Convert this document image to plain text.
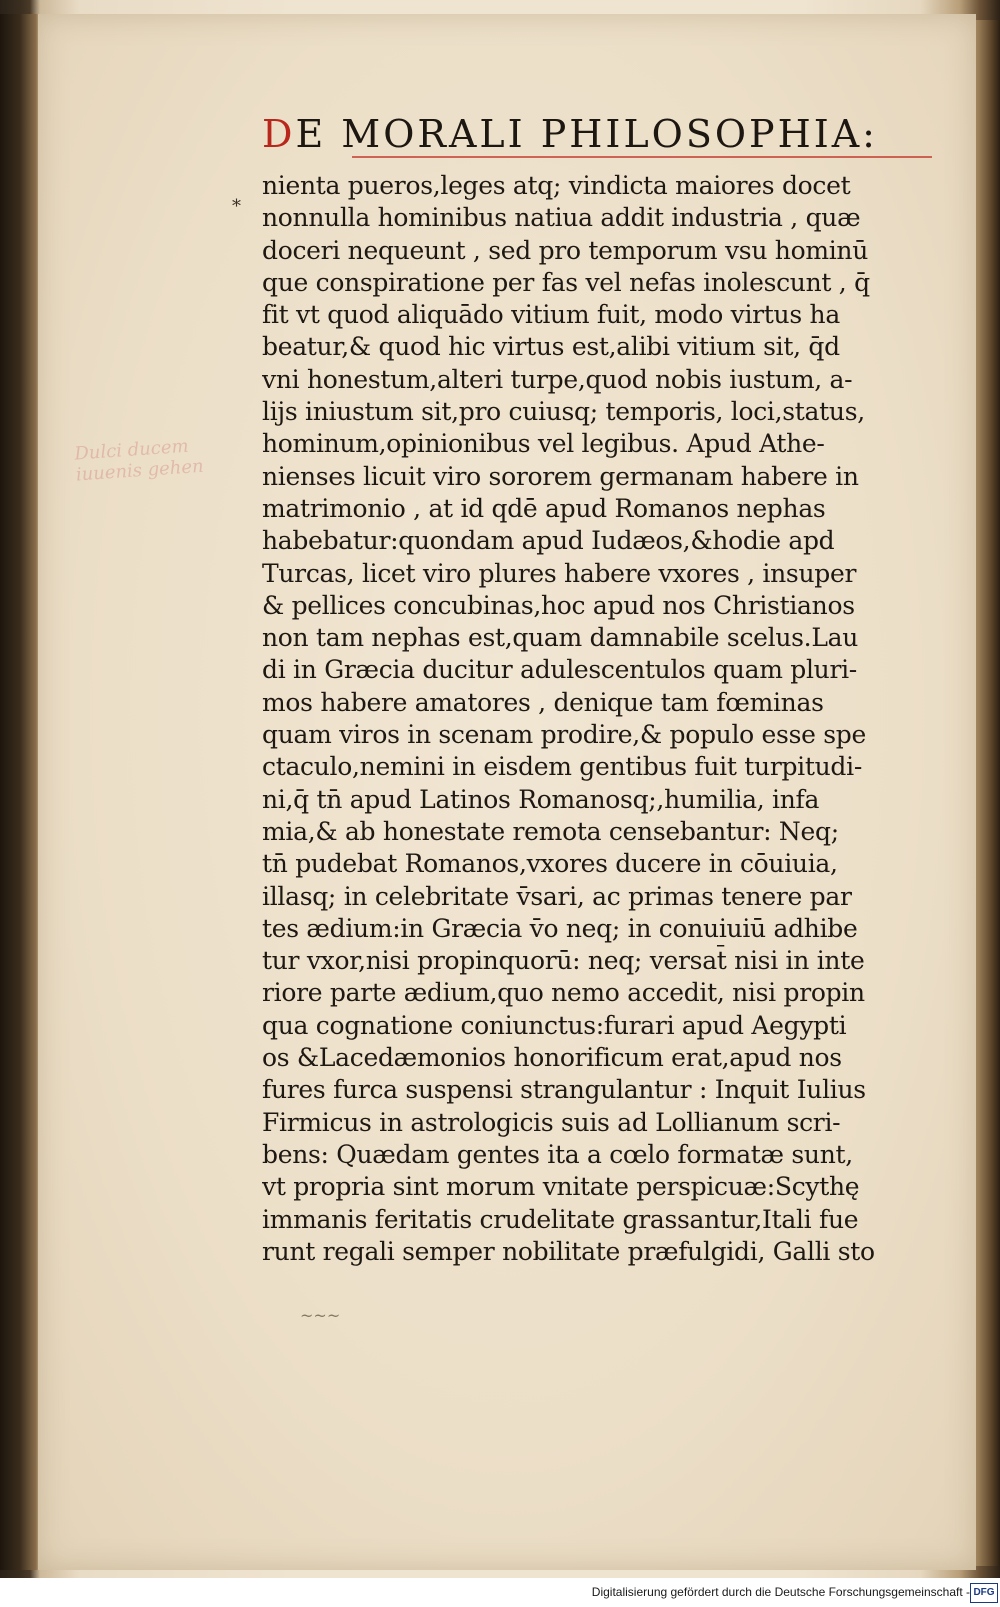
DE MORALI PHILOSOPHIA:
*
Dulci ducem iuuenis gehen
nienta pueros,leges atq; vindicta maiores docet
nonnulla hominibus natiua addit industria , quæ
doceri nequeunt , sed pro temporum vsu hominū
que conspiratione per fas vel nefas inolescunt , q̄
fit vt quod aliquādo vitium fuit, modo virtus ha
beatur,& quod hic virtus est,alibi vitium sit, q̄d
vni honestum,alteri turpe,quod nobis iustum, a-
lijs iniustum sit,pro cuiusq; temporis, loci,status,
hominum,opinionibus vel legibus. Apud Athe-
nienses licuit viro sororem germanam habere in
matrimonio , at id qdē apud Romanos nephas
habebatur:quondam apud Iudæos,&hodie apd
Turcas, licet viro plures habere vxores , insuper
& pellices concubinas,hoc apud nos Christianos
non tam nephas est,quam damnabile scelus.Lau
di in Græcia ducitur adulescentulos quam pluri-
mos habere amatores , denique tam fœminas
quam viros in scenam prodire,& populo esse spe
ctaculo,nemini in eisdem gentibus fuit turpitudi-
ni,q̄ tn̄ apud Latinos Romanosq;,humilia, infa
mia,& ab honestate remota censebantur: Neq;
tn̄ pudebat Romanos,vxores ducere in cōuiuia,
illasq; in celebritate v̄sari, ac primas tenere par
tes ædium:in Græcia v̄o neq; in conuiuiū adhibe
tur vxor,nisi propinquorū: neq; versat̄ nisi in inte
riore parte ædium,quo nemo accedit, nisi propin
qua cognatione coniunctus:furari apud Aegypti
os &Lacedæmonios honorificum erat,apud nos
fures furca suspensi strangulantur : Inquit Iulius
Firmicus in astrologicis suis ad Lollianum scri-
bens: Quædam gentes ita a cœlo formatæ sunt,
vt propria sint morum vnitate perspicuæ:Scythę
immanis feritatis crudelitate grassantur,Itali fue
runt regali semper nobilitate præfulgidi, Galli sto
~~~
Digitalisierung gefördert durch die Deutsche Forschungsgemeinschaft - DFG
